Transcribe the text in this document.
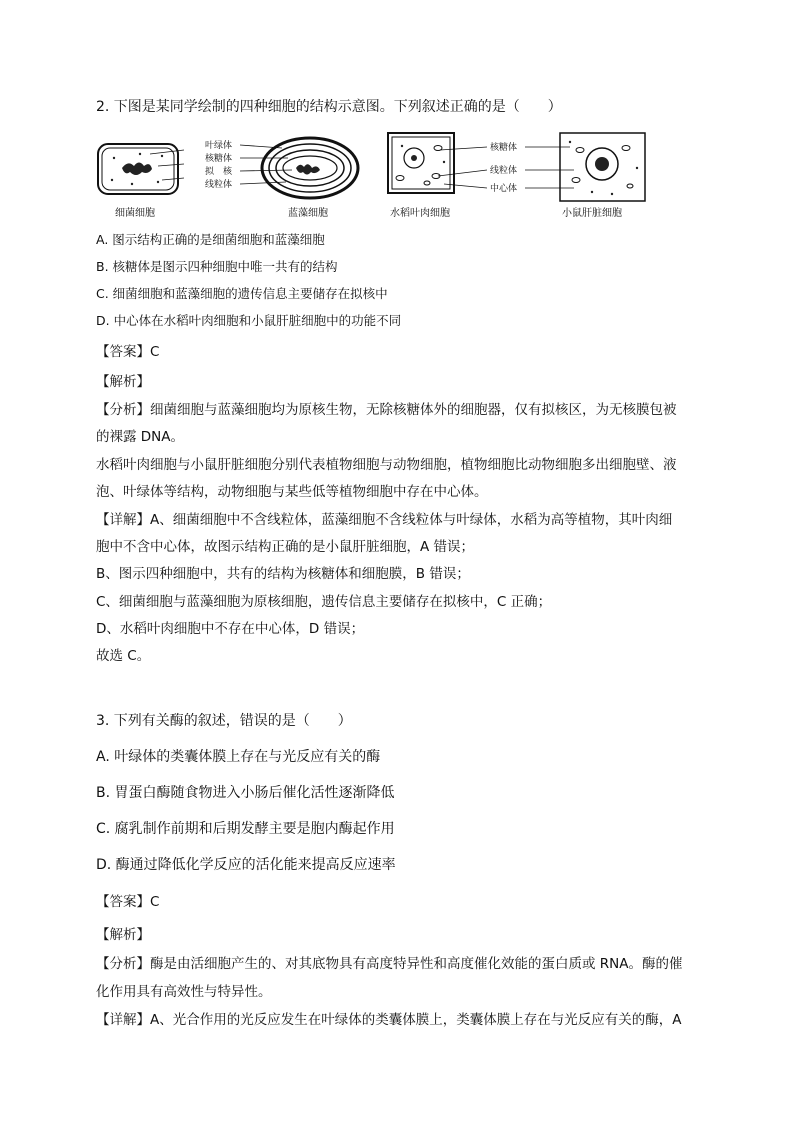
2. 下图是某同学绘制的四种细胞的结构示意图。下列叙述正确的是（　　）
叶绿体
核糖体
拟　核
线粒体
核糖体
线粒体
中心体
细菌细胞	蓝藻细胞	水稻叶肉细胞	小鼠肝脏细胞
A. 图示结构正确的是细菌细胞和蓝藻细胞
B. 核糖体是图示四种细胞中唯一共有的结构
C. 细菌细胞和蓝藻细胞的遗传信息主要储存在拟核中
D. 中心体在水稻叶肉细胞和小鼠肝脏细胞中的功能不同
【答案】C
【解析】
【分析】细菌细胞与蓝藻细胞均为原核生物，无除核糖体外的细胞器，仅有拟核区，为无核膜包被
的裸露 DNA。
水稻叶肉细胞与小鼠肝脏细胞分别代表植物细胞与动物细胞，植物细胞比动物细胞多出细胞壁、液
泡、叶绿体等结构，动物细胞与某些低等植物细胞中存在中心体。
【详解】A、细菌细胞中不含线粒体，蓝藻细胞不含线粒体与叶绿体，水稻为高等植物，其叶肉细
胞中不含中心体，故图示结构正确的是小鼠肝脏细胞，A 错误；
B、图示四种细胞中，共有的结构为核糖体和细胞膜，B 错误；
C、细菌细胞与蓝藻细胞为原核细胞，遗传信息主要储存在拟核中，C 正确；
D、水稻叶肉细胞中不存在中心体，D 错误；
故选 C。
3. 下列有关酶的叙述，错误的是（　　）
A. 叶绿体的类囊体膜上存在与光反应有关的酶
B. 胃蛋白酶随食物进入小肠后催化活性逐渐降低
C. 腐乳制作前期和后期发酵主要是胞内酶起作用
D. 酶通过降低化学反应的活化能来提高反应速率
【答案】C
【解析】
【分析】酶是由活细胞产生的、对其底物具有高度特异性和高度催化效能的蛋白质或 RNA。酶的催
化作用具有高效性与特异性。
【详解】A、光合作用的光反应发生在叶绿体的类囊体膜上，类囊体膜上存在与光反应有关的酶，A
